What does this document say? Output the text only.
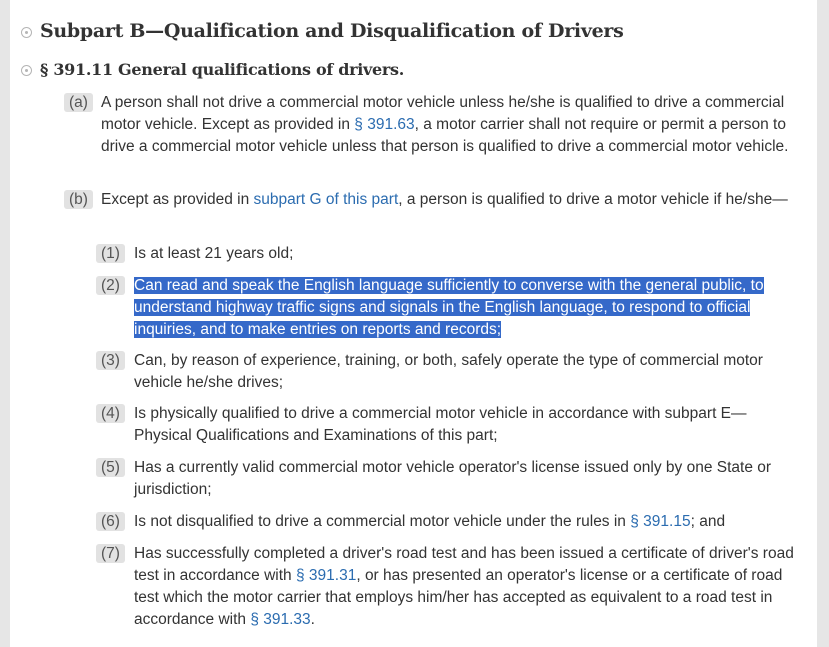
Subpart B—Qualification and Disqualification of Drivers
§ 391.11 General qualifications of drivers.
(a) A person shall not drive a commercial motor vehicle unless he/she is qualified to drive a commercial motor vehicle. Except as provided in § 391.63, a motor carrier shall not require or permit a person to drive a commercial motor vehicle unless that person is qualified to drive a commercial motor vehicle.
(b) Except as provided in subpart G of this part, a person is qualified to drive a motor vehicle if he/she—
(1) Is at least 21 years old;
(2) Can read and speak the English language sufficiently to converse with the general public, to understand highway traffic signs and signals in the English language, to respond to official inquiries, and to make entries on reports and records;
(3) Can, by reason of experience, training, or both, safely operate the type of commercial motor vehicle he/she drives;
(4) Is physically qualified to drive a commercial motor vehicle in accordance with subpart E—Physical Qualifications and Examinations of this part;
(5) Has a currently valid commercial motor vehicle operator's license issued only by one State or jurisdiction;
(6) Is not disqualified to drive a commercial motor vehicle under the rules in § 391.15; and
(7) Has successfully completed a driver's road test and has been issued a certificate of driver's road test in accordance with § 391.31, or has presented an operator's license or a certificate of road test which the motor carrier that employs him/her has accepted as equivalent to a road test in accordance with § 391.33.
